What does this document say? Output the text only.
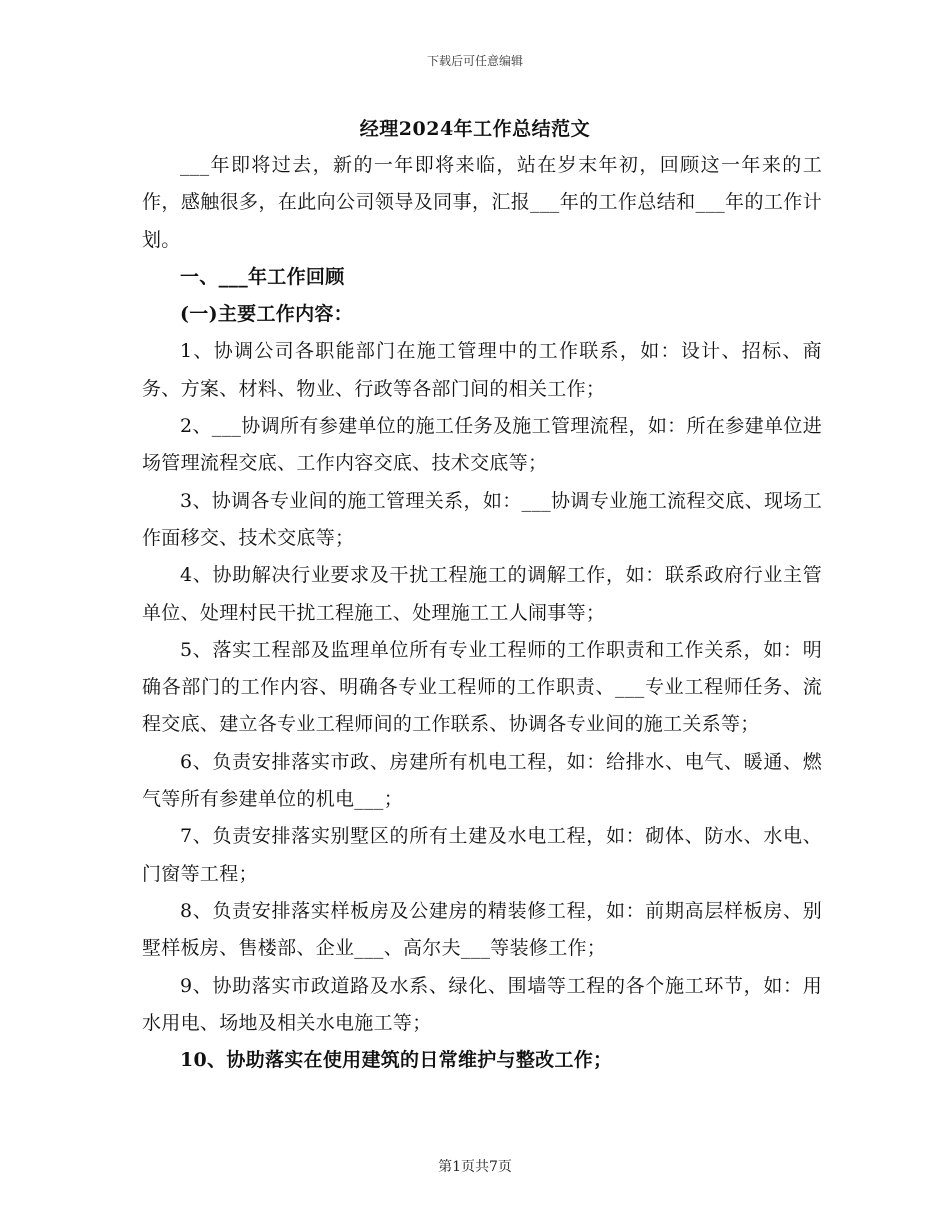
下载后可任意编辑
经理2024年工作总结范文

___年即将过去，新的一年即将来临，站在岁末年初，回顾这一年来的工作，感触很多，在此向公司领导及同事，汇报___年的工作总结和___年的工作计划。

一、___年工作回顾

(一)主要工作内容：

1、协调公司各职能部门在施工管理中的工作联系，如：设计、招标、商务、方案、材料、物业、行政等各部门间的相关工作；

2、___协调所有参建单位的施工任务及施工管理流程，如：所在参建单位进场管理流程交底、工作内容交底、技术交底等；

3、协调各专业间的施工管理关系，如：___协调专业施工流程交底、现场工作面移交、技术交底等；

4、协助解决行业要求及干扰工程施工的调解工作，如：联系政府行业主管单位、处理村民干扰工程施工、处理施工工人闹事等；

5、落实工程部及监理单位所有专业工程师的工作职责和工作关系，如：明确各部门的工作内容、明确各专业工程师的工作职责、___专业工程师任务、流程交底、建立各专业工程师间的工作联系、协调各专业间的施工关系等；

6、负责安排落实市政、房建所有机电工程，如：给排水、电气、暖通、燃气等所有参建单位的机电___；

7、负责安排落实别墅区的所有土建及水电工程，如：砌体、防水、水电、门窗等工程；

8、负责安排落实样板房及公建房的精装修工程，如：前期高层样板房、别墅样板房、售楼部、企业___、高尔夫___等装修工作；

9、协助落实市政道路及水系、绿化、围墙等工程的各个施工环节，如：用水用电、场地及相关水电施工等；

10、协助落实在使用建筑的日常维护与整改工作；

第1页共7页
